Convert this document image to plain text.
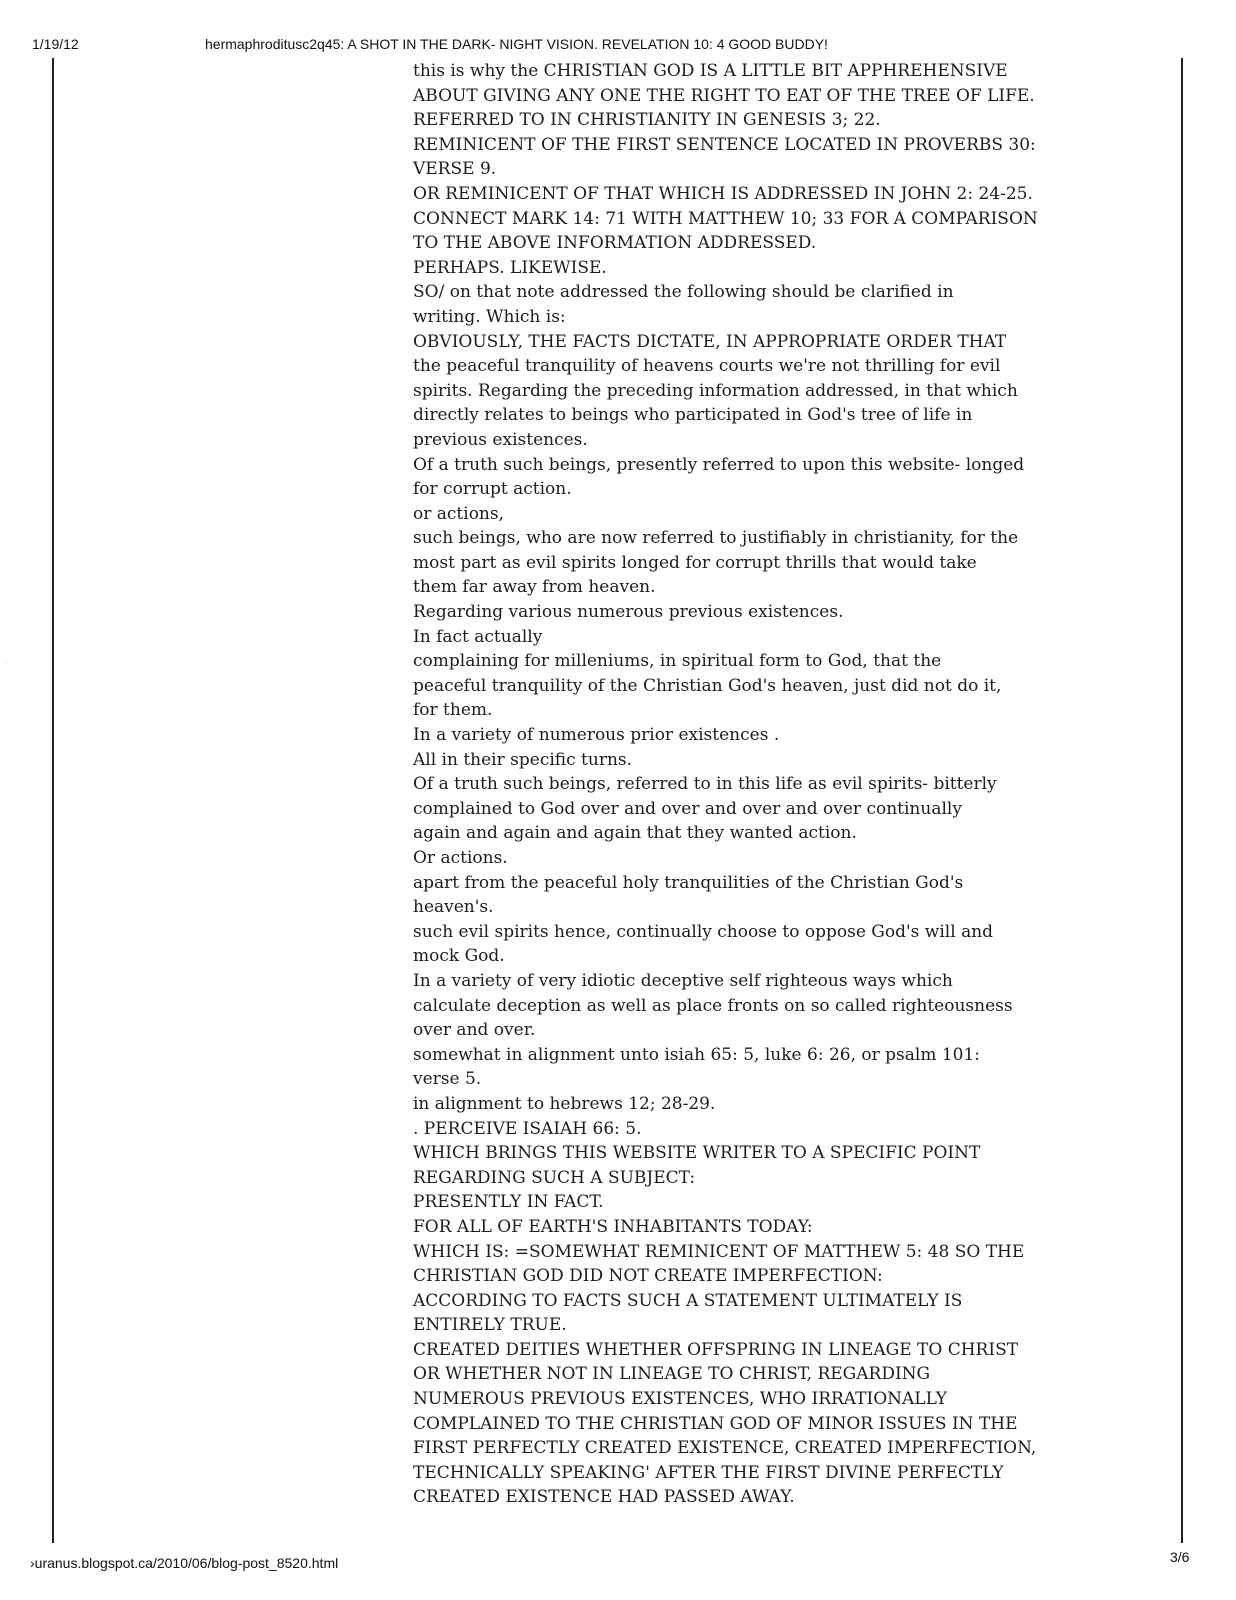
1/19/12	hermaphroditusc2q45: A SHOT IN THE DARK- NIGHT VISION. REVELATION 10: 4 GOOD BUDDY!
·
this is why the CHRISTIAN GOD IS A LITTLE BIT APPHREHENSIVE
ABOUT GIVING ANY ONE THE RIGHT TO EAT OF THE TREE OF LIFE.
REFERRED TO IN CHRISTIANITY IN GENESIS 3; 22.
REMINICENT OF THE FIRST SENTENCE LOCATED IN PROVERBS 30:
VERSE 9.
OR REMINICENT OF THAT WHICH IS ADDRESSED IN JOHN 2: 24-25.
CONNECT MARK 14: 71 WITH MATTHEW 10; 33 FOR A COMPARISON
TO THE ABOVE INFORMATION ADDRESSED.
PERHAPS. LIKEWISE.
SO/ on that note addressed the following should be clarified in
writing. Which is:
OBVIOUSLY, THE FACTS DICTATE, IN APPROPRIATE ORDER THAT
the peaceful tranquility of heavens courts we're not thrilling for evil
spirits. Regarding the preceding information addressed, in that which
directly relates to beings who participated in God's tree of life in
previous existences.
Of a truth such beings, presently referred to upon this website- longed
for corrupt action.
or actions,
such beings, who are now referred to justifiably in christianity, for the
most part as evil spirits longed for corrupt thrills that would take
them far away from heaven.
Regarding various numerous previous existences.
In fact actually
complaining for milleniums, in spiritual form to God, that the
peaceful tranquility of the Christian God's heaven, just did not do it,
for them.
In a variety of numerous prior existences .
All in their specific turns.
Of a truth such beings, referred to in this life as evil spirits- bitterly
complained to God over and over and over and over continually
again and again and again that they wanted action.
Or actions.
apart from the peaceful holy tranquilities of the Christian God's
heaven's.
such evil spirits hence, continually choose to oppose God's will and
mock God.
In a variety of very idiotic deceptive self righteous ways which
calculate deception as well as place fronts on so called righteousness
over and over.
somewhat in alignment unto isiah 65: 5, luke 6: 26, or psalm 101:
verse 5.
in alignment to hebrews 12; 28-29.
. PERCEIVE ISAIAH 66: 5.
WHICH BRINGS THIS WEBSITE WRITER TO A SPECIFIC POINT
REGARDING SUCH A SUBJECT:
PRESENTLY IN FACT.
FOR ALL OF EARTH'S INHABITANTS TODAY:
WHICH IS: =SOMEWHAT REMINICENT OF MATTHEW 5: 48 SO THE
CHRISTIAN GOD DID NOT CREATE IMPERFECTION:
ACCORDING TO FACTS SUCH A STATEMENT ULTIMATELY IS
ENTIRELY TRUE.
CREATED DEITIES WHETHER OFFSPRING IN LINEAGE TO CHRIST
OR WHETHER NOT IN LINEAGE TO CHRIST, REGARDING
NUMEROUS PREVIOUS EXISTENCES, WHO IRRATIONALLY
COMPLAINED TO THE CHRISTIAN GOD OF MINOR ISSUES IN THE
FIRST PERFECTLY CREATED EXISTENCE, CREATED IMPERFECTION,
TECHNICALLY SPEAKING' AFTER THE FIRST DIVINE PERFECTLY
CREATED EXISTENCE HAD PASSED AWAY.
›uranus.blogspot.ca/2010/06/blog-post_8520.html	3/6
